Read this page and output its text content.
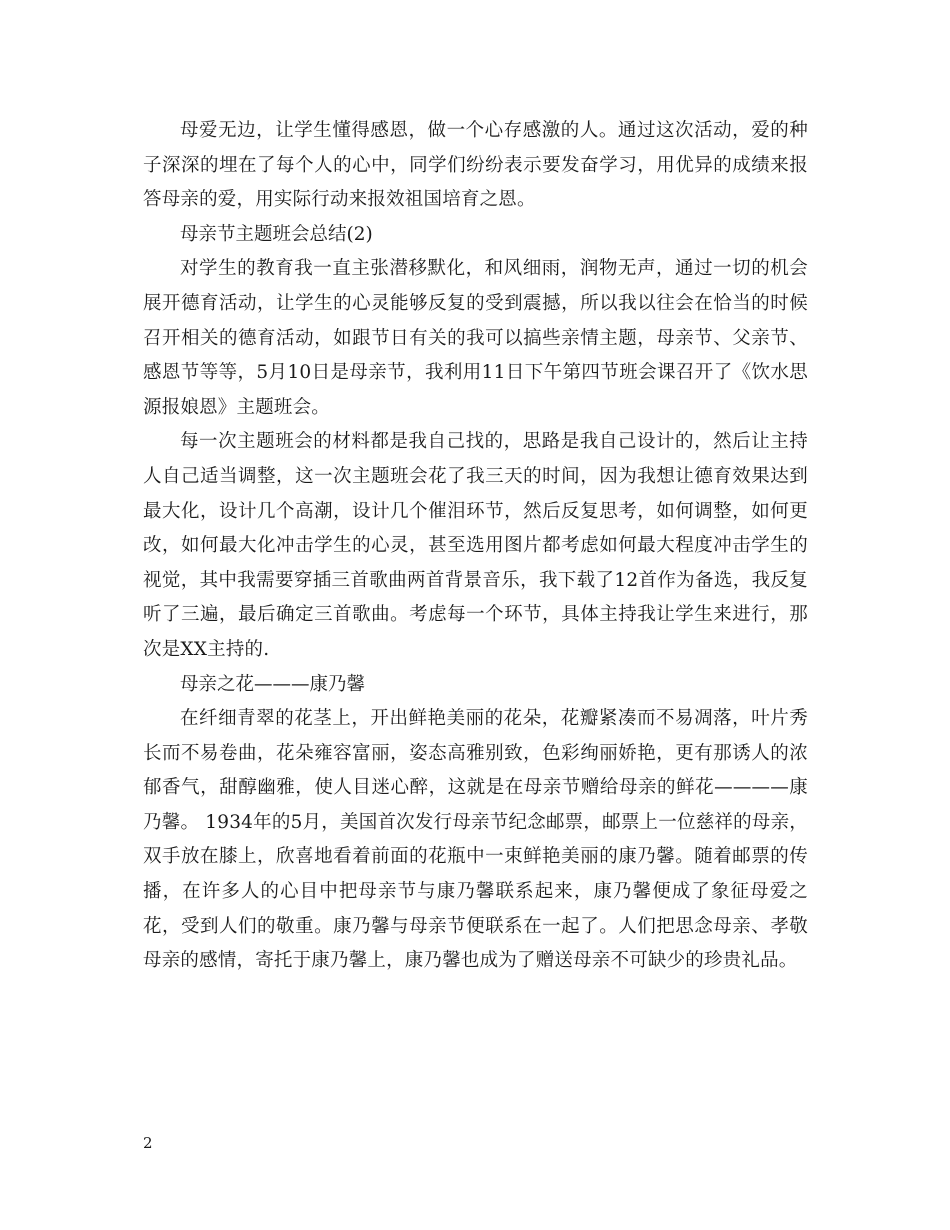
母爱无边，让学生懂得感恩，做一个心存感激的人。通过这次活动，爱的种子深深的埋在了每个人的心中，同学们纷纷表示要发奋学习，用优异的成绩来报答母亲的爱，用实际行动来报效祖国培育之恩。

母亲节主题班会总结(2)

对学生的教育我一直主张潜移默化，和风细雨，润物无声，通过一切的机会展开德育活动，让学生的心灵能够反复的受到震撼，所以我以往会在恰当的时候召开相关的德育活动，如跟节日有关的我可以搞些亲情主题，母亲节、父亲节、感恩节等等，5月10日是母亲节，我利用11日下午第四节班会课召开了《饮水思源报娘恩》主题班会。

每一次主题班会的材料都是我自己找的，思路是我自己设计的，然后让主持人自己适当调整，这一次主题班会花了我三天的时间，因为我想让德育效果达到最大化，设计几个高潮，设计几个催泪环节，然后反复思考，如何调整，如何更改，如何最大化冲击学生的心灵，甚至选用图片都考虑如何最大程度冲击学生的视觉，其中我需要穿插三首歌曲两首背景音乐，我下载了12首作为备选，我反复听了三遍，最后确定三首歌曲。考虑每一个环节，具体主持我让学生来进行，那次是XX主持的.

母亲之花———康乃馨

在纤细青翠的花茎上，开出鲜艳美丽的花朵，花瓣紧凑而不易凋落，叶片秀长而不易卷曲，花朵雍容富丽，姿态高雅别致，色彩绚丽娇艳，更有那诱人的浓郁香气，甜醇幽雅，使人目迷心醉，这就是在母亲节赠给母亲的鲜花————康乃馨。 1934年的5月，美国首次发行母亲节纪念邮票，邮票上一位慈祥的母亲，双手放在膝上，欣喜地看着前面的花瓶中一束鲜艳美丽的康乃馨。随着邮票的传播，在许多人的心目中把母亲节与康乃馨联系起来，康乃馨便成了象征母爱之花，受到人们的敬重。康乃馨与母亲节便联系在一起了。人们把思念母亲、孝敬母亲的感情，寄托于康乃馨上，康乃馨也成为了赠送母亲不可缺少的珍贵礼品。

2
